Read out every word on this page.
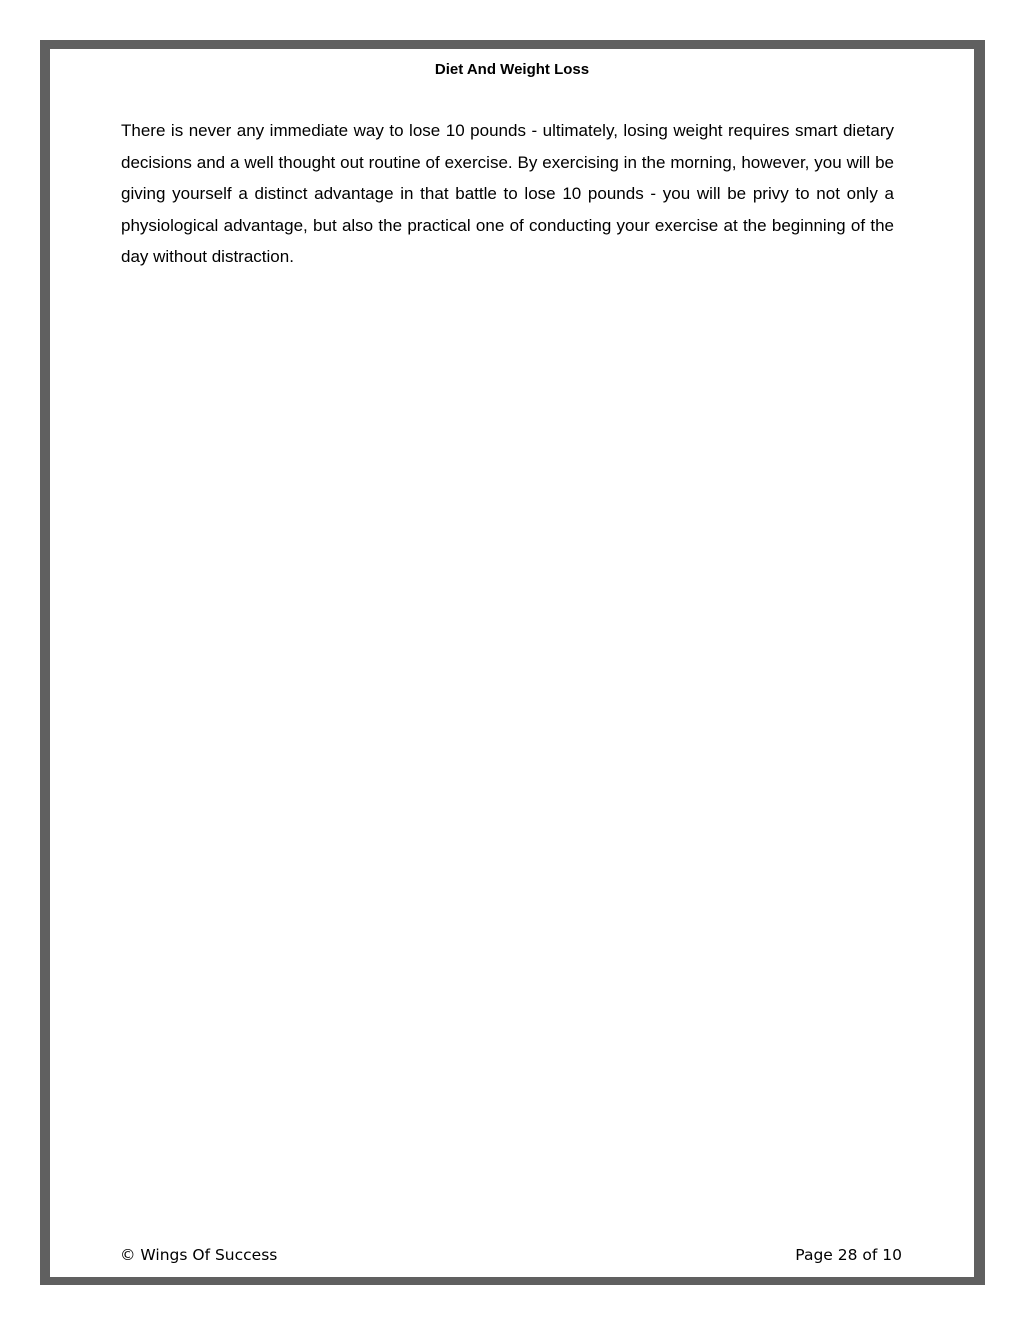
Diet And Weight Loss

There is never any immediate way to lose 10 pounds - ultimately, losing weight requires smart dietary decisions and a well thought out routine of exercise. By exercising in the morning, however, you will be giving yourself a distinct advantage in that battle to lose 10 pounds - you will be privy to not only a physiological advantage, but also the practical one of conducting your exercise at the beginning of the day without distraction.

© Wings Of Success	Page 28 of 10
